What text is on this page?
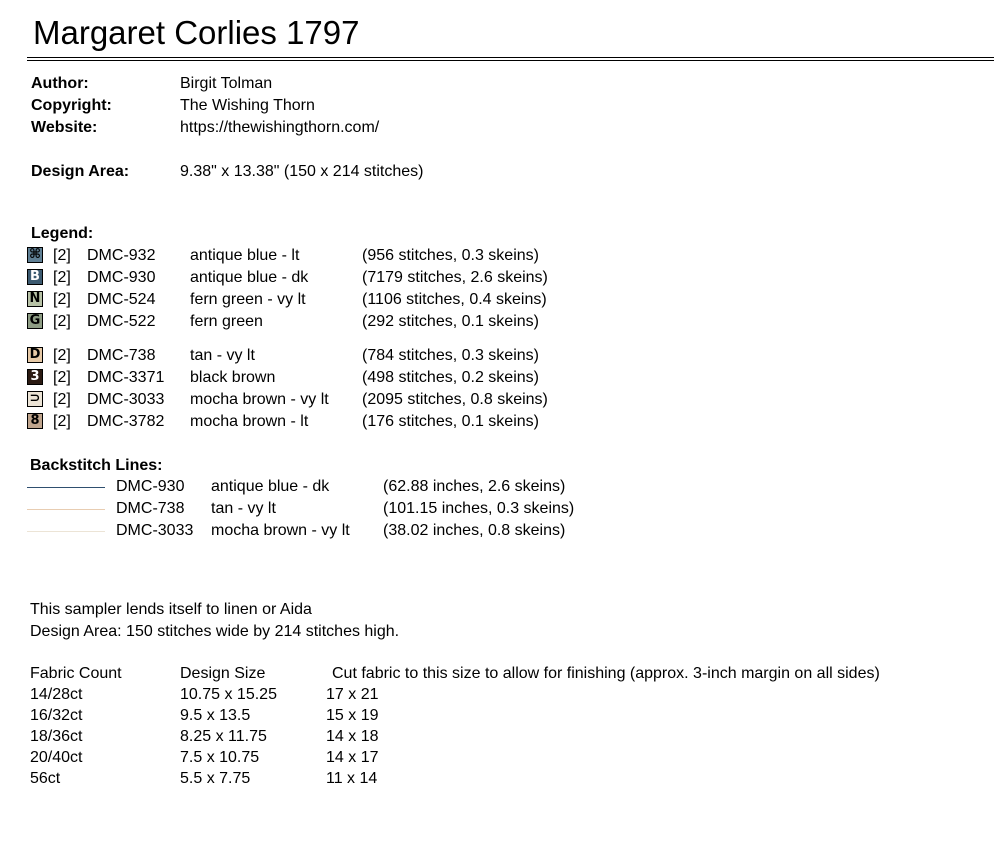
Margaret Corlies 1797
Author:	Birgit Tolman
Copyright:	The Wishing Thorn
Website:	https://thewishingthorn.com/
Design Area:	9.38" x 13.38" (150 x 214 stitches)
Legend:
⌘ [2] DMC-932 antique blue - lt	(956 stitches, 0.3 skeins)
B [2] DMC-930 antique blue - dk	(7179 stitches, 2.6 skeins)
N [2] DMC-524 fern green - vy lt	(1106 stitches, 0.4 skeins)
G [2] DMC-522 fern green	(292 stitches, 0.1 skeins)
D [2] DMC-738 tan - vy lt	(784 stitches, 0.3 skeins)
3 [2] DMC-3371 black brown	(498 stitches, 0.2 skeins)
⊃ [2] DMC-3033 mocha brown - vy lt (2095 stitches, 0.8 skeins)
8 [2] DMC-3782 mocha brown - lt	(176 stitches, 0.1 skeins)
Backstitch Lines:
DMC-930 antique blue - dk	(62.88 inches, 2.6 skeins)
DMC-738 tan - vy lt	(101.15 inches, 0.3 skeins)
DMC-3033 mocha brown - vy lt (38.02 inches, 0.8 skeins)
This sampler lends itself to linen or Aida
Design Area: 150 stitches wide by 214 stitches high.
Fabric Count	Design Size	Cut fabric to this size to allow for finishing (approx. 3-inch margin on all sides)
14/28ct	10.75 x 15.25	17 x 21
16/32ct	9.5 x 13.5	15 x 19
18/36ct	8.25 x 11.75	14 x 18
20/40ct	7.5 x 10.75	14 x 17
56ct	5.5 x 7.75	11 x 14
